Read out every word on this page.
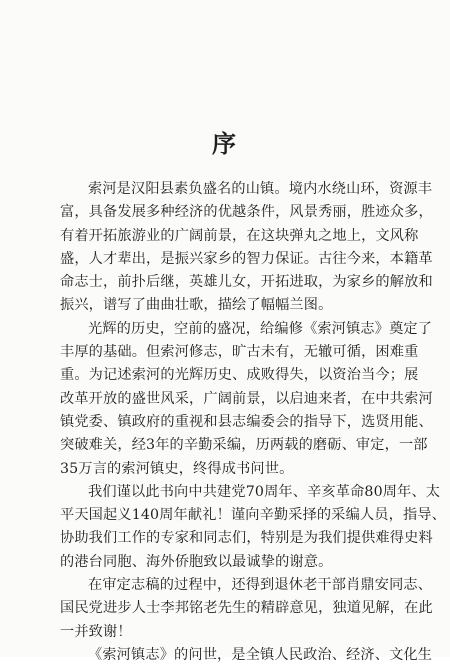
序

索河是汉阳县素负盛名的山镇。境内水绕山环，资源丰

富，具备发展多种经济的优越条件，风景秀丽，胜迹众多，

有着开拓旅游业的广阔前景，在这块弹丸之地上，文风称

盛，人才辈出，是振兴家乡的智力保证。古往今来，本籍革

命志士，前扑后继，英雄儿女，开拓进取，为家乡的解放和

振兴，谱写了曲曲壮歌，描绘了幅幅兰图。

光辉的历史，空前的盛况，给编修《索河镇志》奠定了

丰厚的基础。但索河修志，旷古未有，无辙可循，困难重

重。为记述索河的光辉历史、成败得失，以资治当今；展

改革开放的盛世风采，广阔前景，以启迪来者，在中共索河

镇党委、镇政府的重视和县志编委会的指导下，选贤用能、

突破难关，经3年的辛勤采编，历两载的磨砺、审定，一部

35万言的索河镇史，终得成书问世。

我们谨以此书向中共建党70周年、辛亥革命80周年、太

平天国起义140周年献礼！谨向辛勤采择的采编人员，指导、

协助我们工作的专家和同志们，特别是为我们提供难得史料

的港台同胞、海外侨胞致以最诚挚的谢意。

在审定志稿的过程中，还得到退休老干部肖鼎安同志、

国民党进步人士李邦铭老先生的精辟意见，独道见解，在此

一并致谢！

《索河镇志》的问世，是全镇人民政治、经济、文化生
